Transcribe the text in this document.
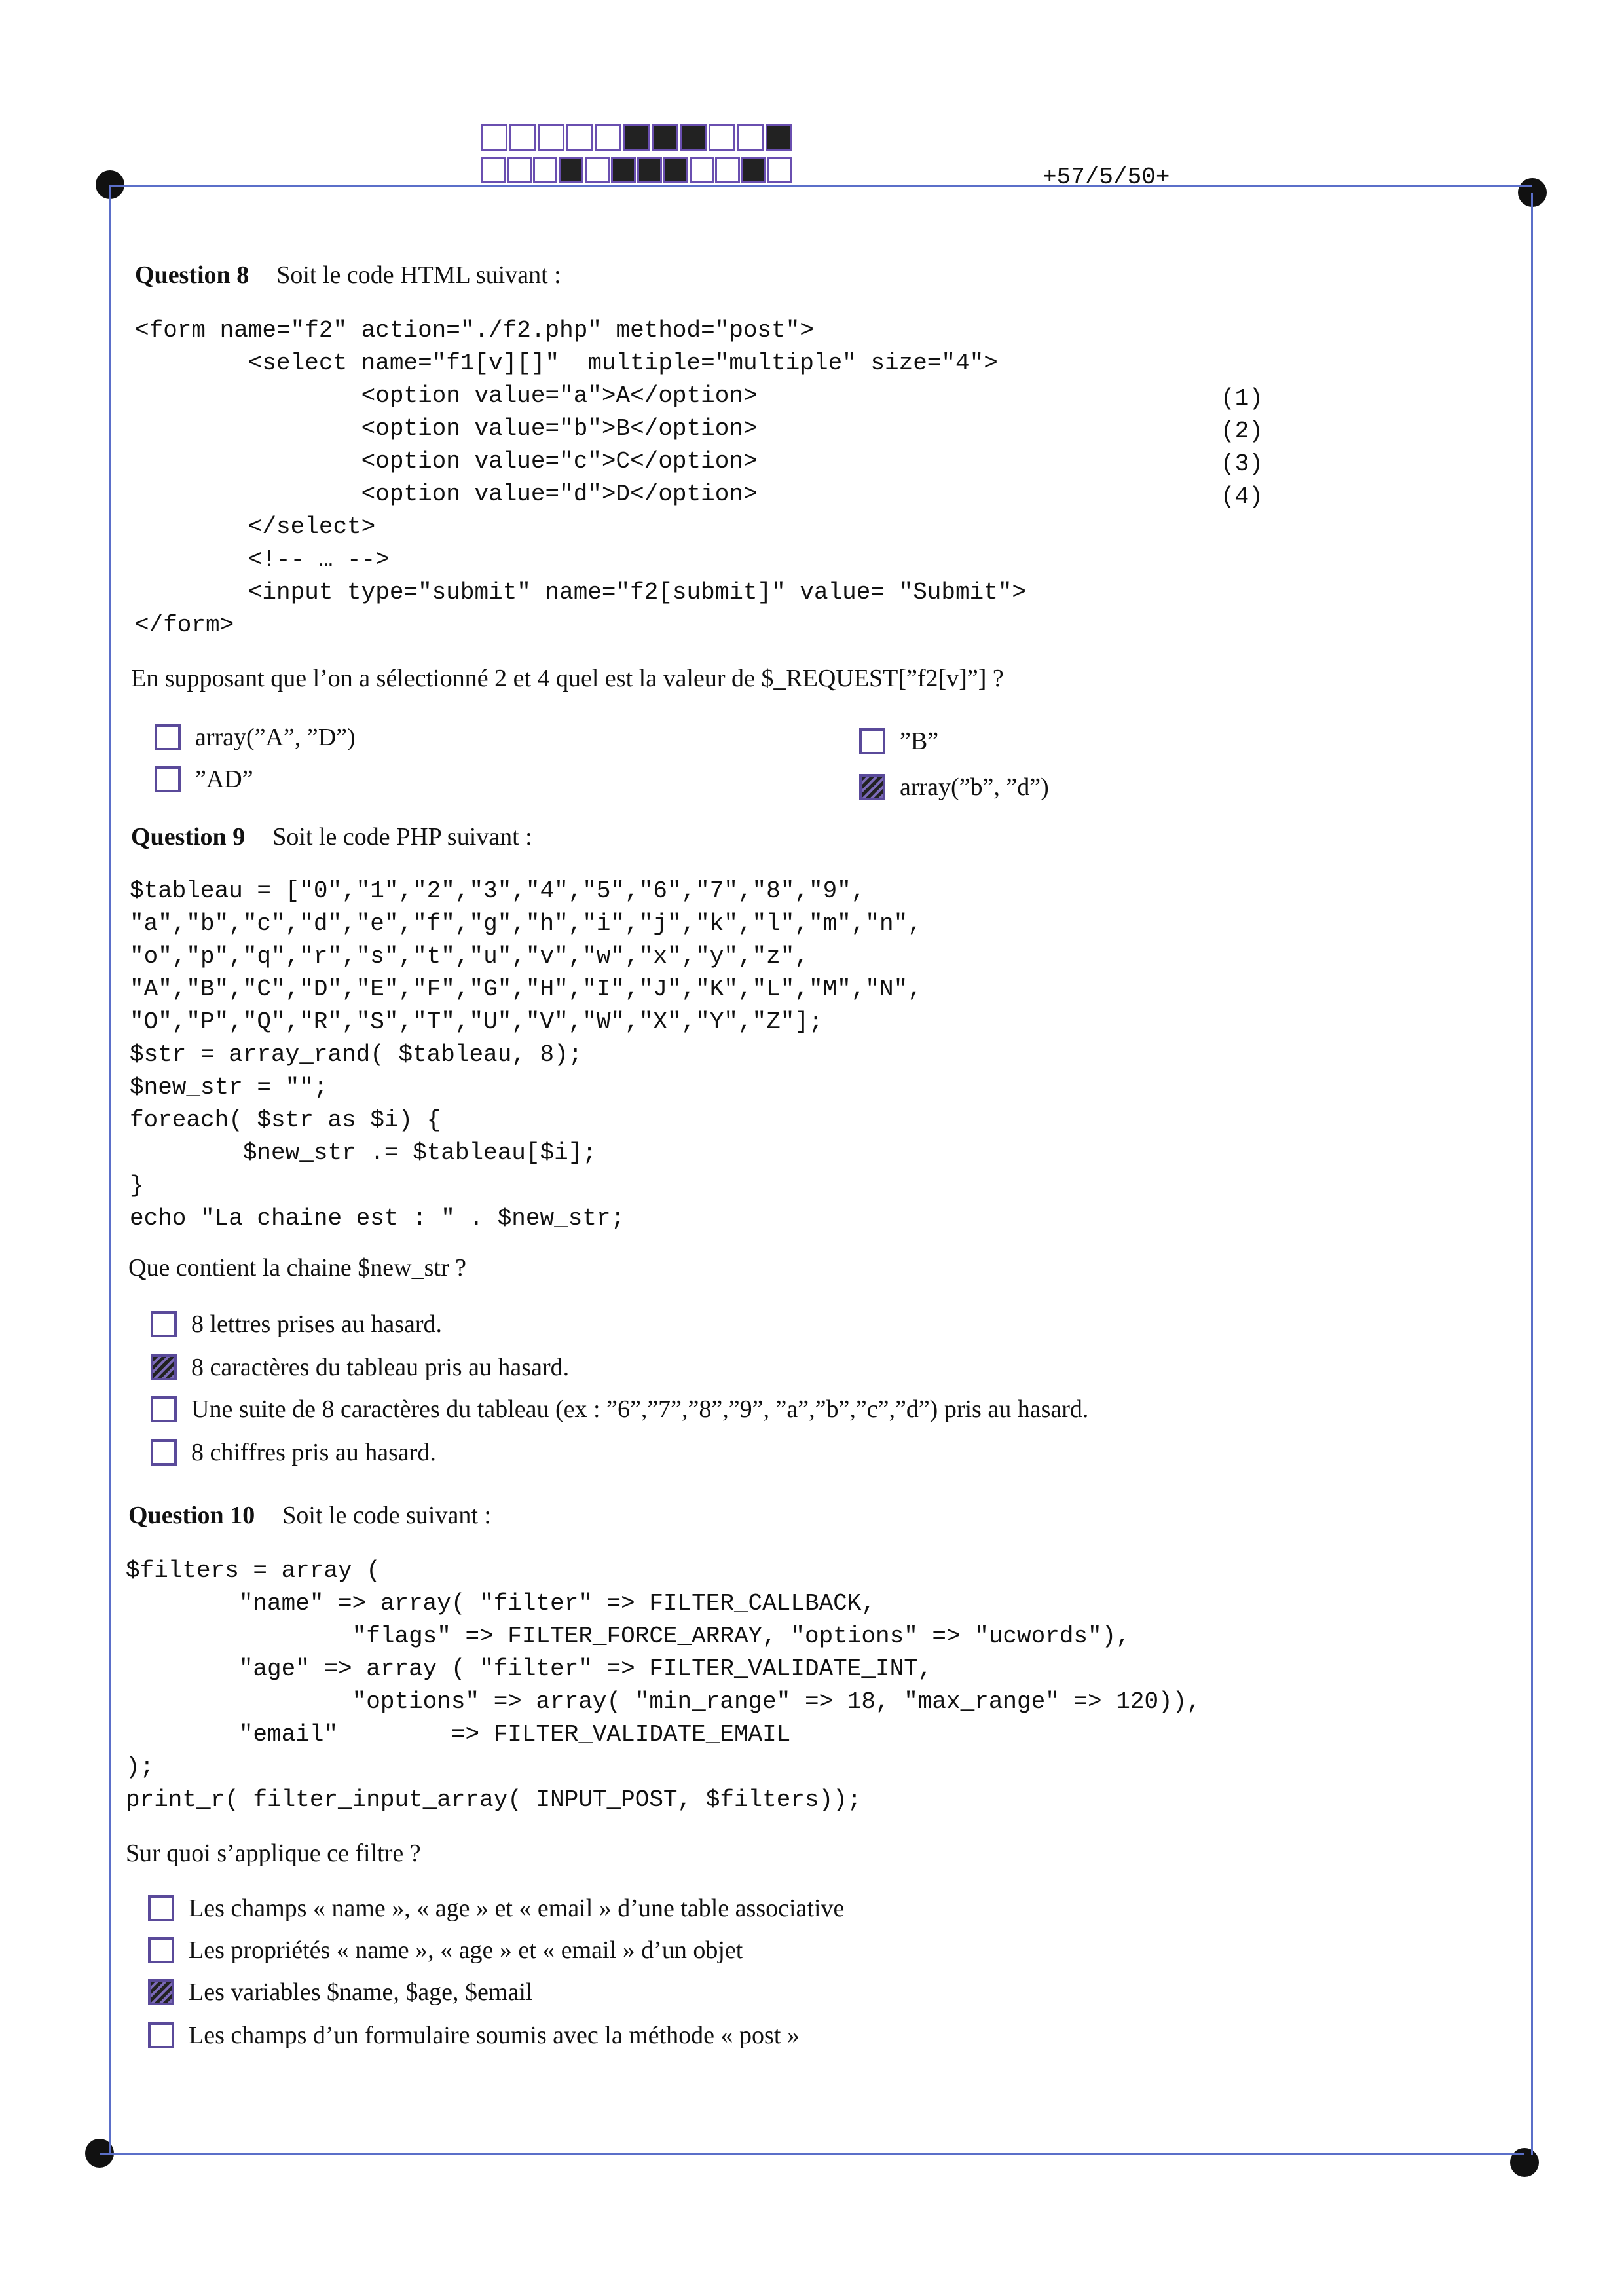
+57/5/50+
Question 8 Soit le code HTML suivant :
<form name="f2" action="./f2.php" method="post">
<select name="f1[v][]"  multiple="multiple" size="4">
<option value="a">A</option>
<option value="b">B</option>
<option value="c">C</option>
<option value="d">D</option>
</select>
<!-- … -->
<input type="submit" name="f2[submit]" value= "Submit">
</form>

(1)
(2)
(3)
(4)
En supposant que l’on a sélectionné 2 et 4 quel est la valeur de $_REQUEST[”f2[v]”] ?
array(”A”, ”D”)
”AD”
”B”
array(”b”, ”d”)
Question 9 Soit le code PHP suivant :
$tableau = ["0","1","2","3","4","5","6","7","8","9",
"a","b","c","d","e","f","g","h","i","j","k","l","m","n",
"o","p","q","r","s","t","u","v","w","x","y","z",
"A","B","C","D","E","F","G","H","I","J","K","L","M","N",
"O","P","Q","R","S","T","U","V","W","X","Y","Z"];
$str = array_rand( $tableau, 8);
$new_str = "";
foreach( $str as $i) {
$new_str .= $tableau[$i];
}
echo "La chaine est : " . $new_str;

Que contient la chaine $new_str ?
8 lettres prises au hasard.
8 caractères du tableau pris au hasard.
Une suite de 8 caractères du tableau (ex : ”6”,”7”,”8”,”9”, ”a”,”b”,”c”,”d”) pris au hasard.
8 chiffres pris au hasard.
Question 10 Soit le code suivant :
$filters = array (
"name" => array( "filter" => FILTER_CALLBACK,
"flags" => FILTER_FORCE_ARRAY, "options" => "ucwords"),
"age" => array ( "filter" => FILTER_VALIDATE_INT,
"options" => array( "min_range" => 18, "max_range" => 120)),
"email"        => FILTER_VALIDATE_EMAIL
);
print_r( filter_input_array( INPUT_POST, $filters));

Sur quoi s’applique ce filtre ?
Les champs « name », « age » et « email » d’une table associative
Les propriétés « name », « age » et « email » d’un objet
Les variables $name, $age, $email
Les champs d’un formulaire soumis avec la méthode « post »
